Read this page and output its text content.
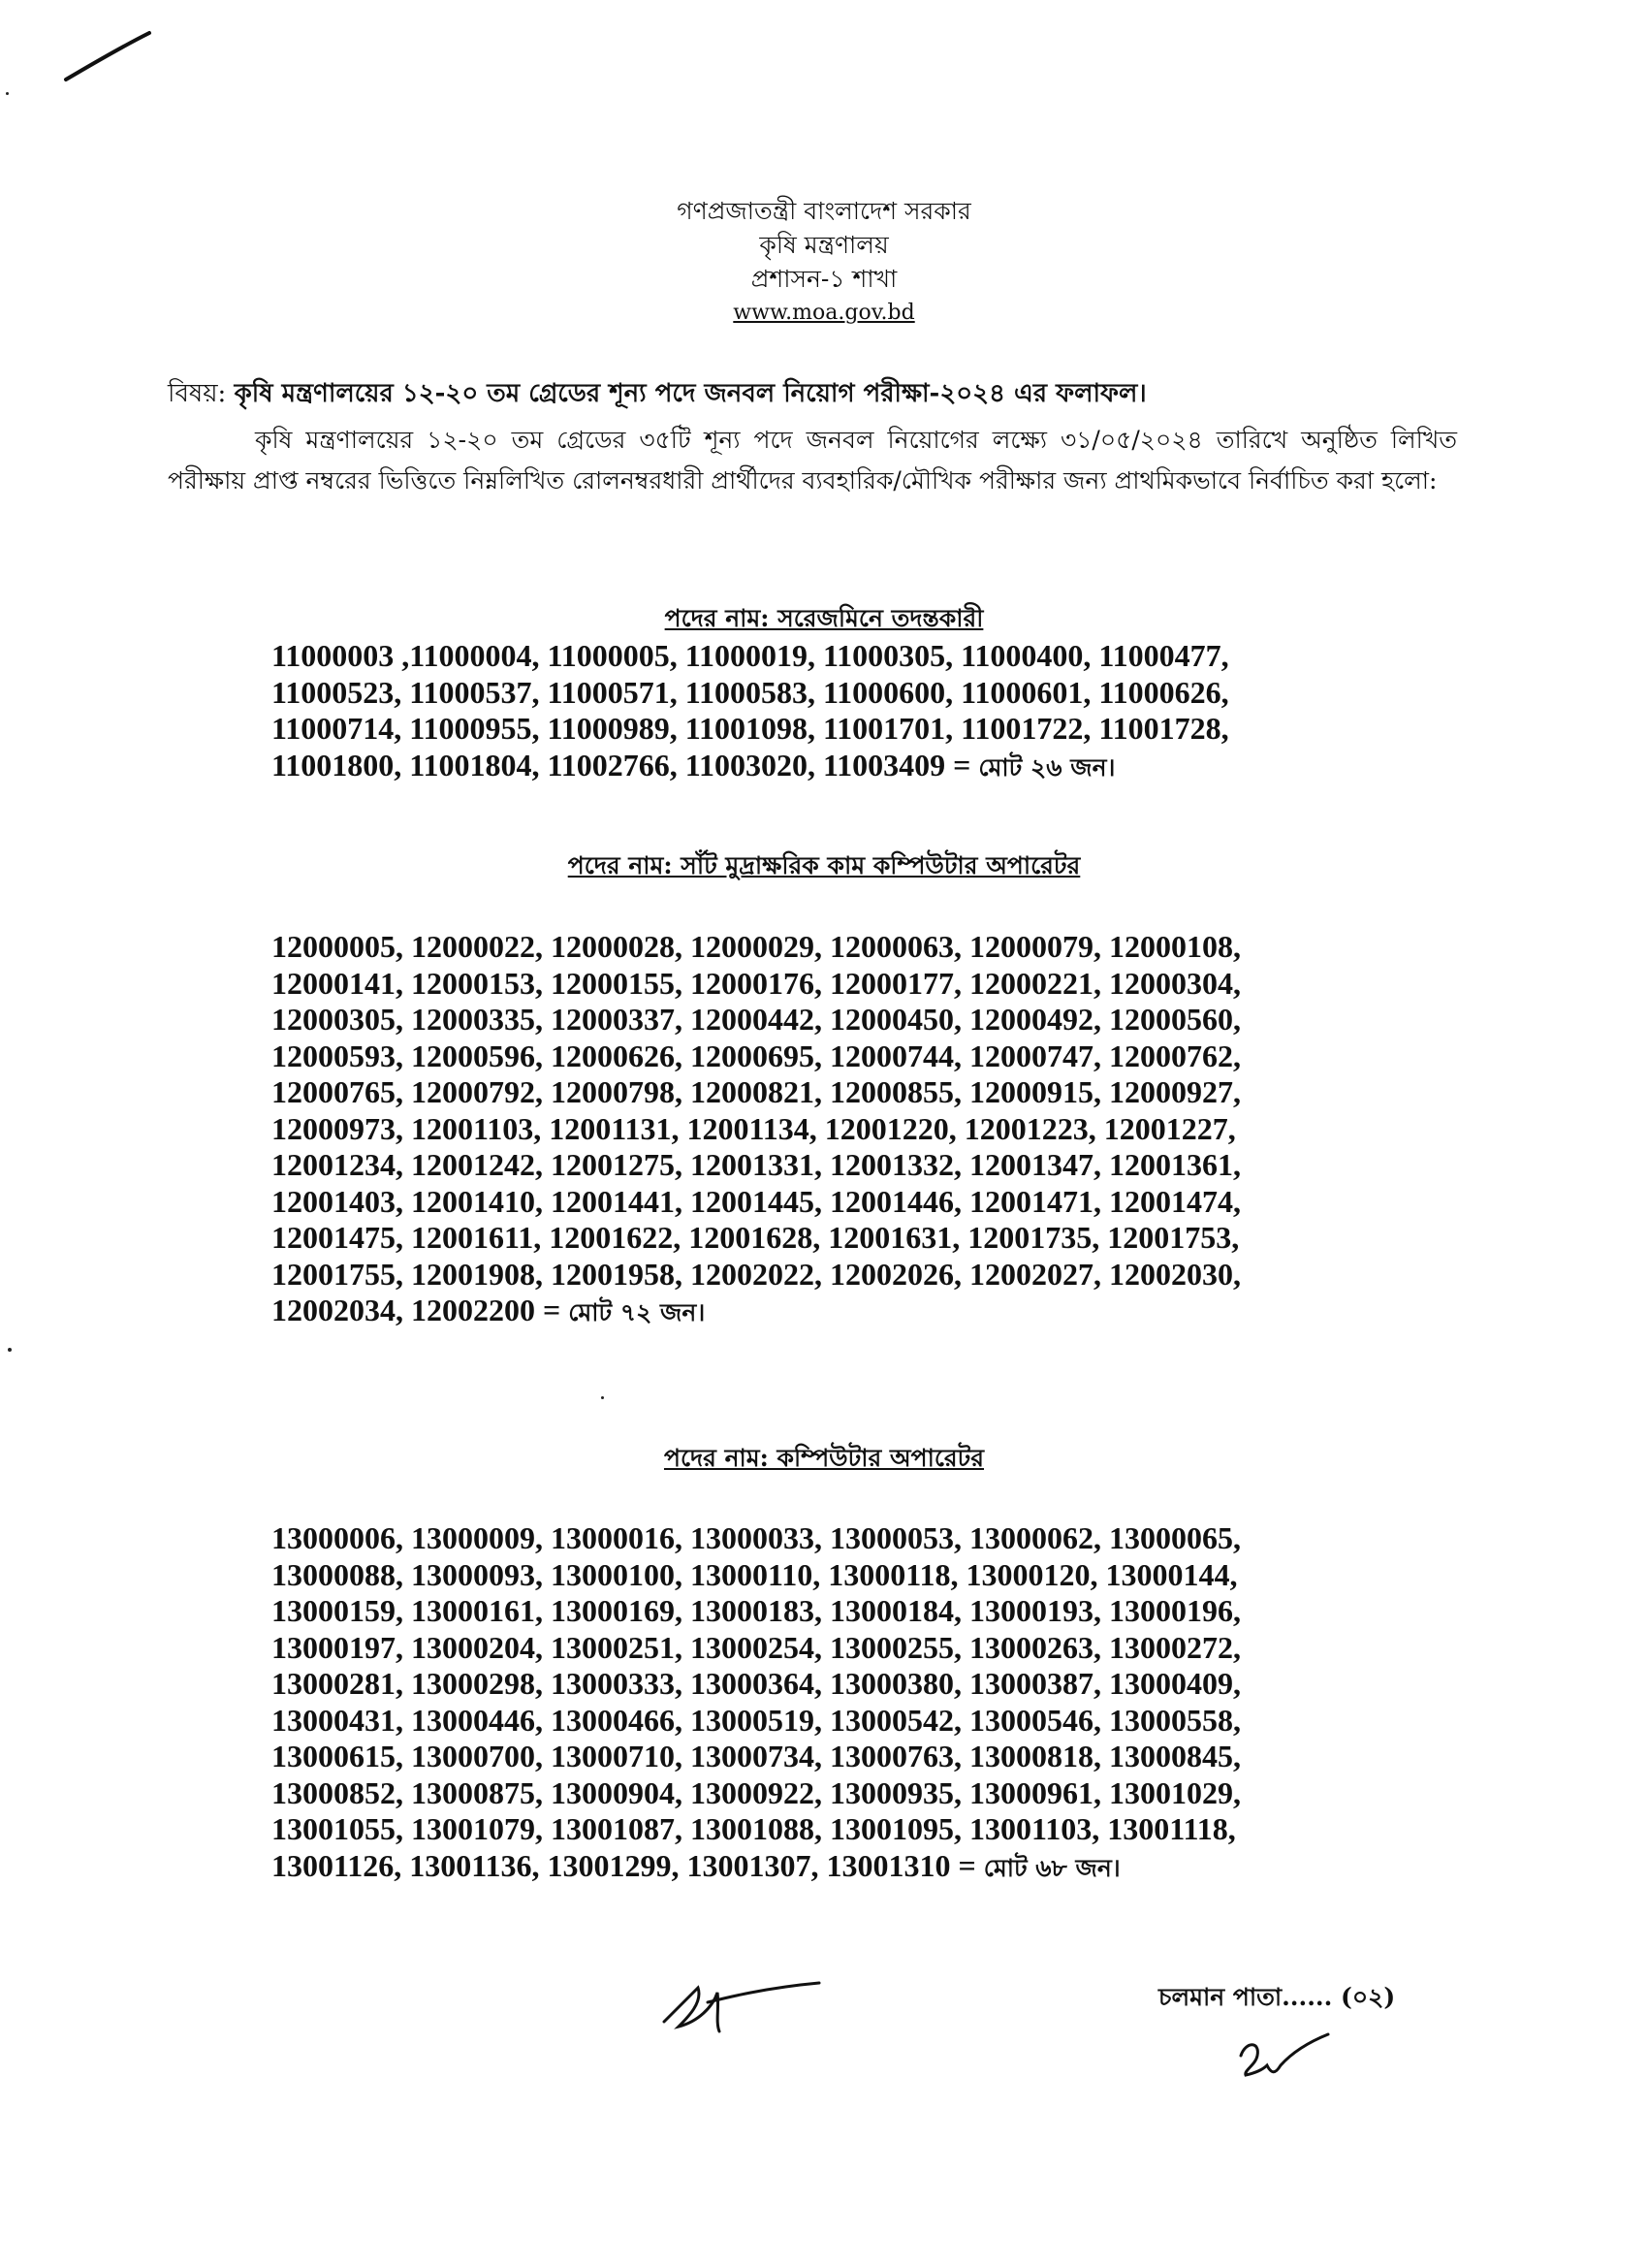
গণপ্রজাতন্ত্রী বাংলাদেশ সরকার
কৃষি মন্ত্রণালয়
প্রশাসন-১ শাখা
www.moa.gov.bd
বিষয়: কৃষি মন্ত্রণালয়ের ১২-২০ তম গ্রেডের শূন্য পদে জনবল নিয়োগ পরীক্ষা-২০২৪ এর ফলাফল।
কৃষি মন্ত্রণালয়ের ১২-২০ তম গ্রেডের ৩৫টি শূন্য পদে জনবল নিয়োগের লক্ষ্যে ৩১/০৫/২০২৪ তারিখে অনুষ্ঠিত লিখিত পরীক্ষায় প্রাপ্ত নম্বরের ভিত্তিতে নিম্নলিখিত রোলনম্বরধারী প্রার্থীদের ব্যবহারিক/মৌখিক পরীক্ষার জন্য প্রাথমিকভাবে নির্বাচিত করা হলো:
পদের নাম: সরেজমিনে তদন্তকারী
11000003 ,11000004, 11000005, 11000019, 11000305, 11000400, 11000477,
11000523, 11000537, 11000571, 11000583, 11000600, 11000601, 11000626,
11000714, 11000955, 11000989, 11001098, 11001701, 11001722, 11001728,
11001800, 11001804, 11002766, 11003020, 11003409 = মোট ২৬ জন।
পদের নাম: সাঁট মুদ্রাক্ষরিক কাম কম্পিউটার অপারেটর
12000005, 12000022, 12000028, 12000029, 12000063, 12000079, 12000108,
12000141, 12000153, 12000155, 12000176, 12000177, 12000221, 12000304,
12000305, 12000335, 12000337, 12000442, 12000450, 12000492, 12000560,
12000593, 12000596, 12000626, 12000695, 12000744, 12000747, 12000762,
12000765, 12000792, 12000798, 12000821, 12000855, 12000915, 12000927,
12000973, 12001103, 12001131, 12001134, 12001220, 12001223, 12001227,
12001234, 12001242, 12001275, 12001331, 12001332, 12001347, 12001361,
12001403, 12001410, 12001441, 12001445, 12001446, 12001471, 12001474,
12001475, 12001611, 12001622, 12001628, 12001631, 12001735, 12001753,
12001755, 12001908, 12001958, 12002022, 12002026, 12002027, 12002030,
12002034, 12002200 = মোট ৭২ জন।
পদের নাম: কম্পিউটার অপারেটর
13000006, 13000009, 13000016, 13000033, 13000053, 13000062, 13000065,
13000088, 13000093, 13000100, 13000110, 13000118, 13000120, 13000144,
13000159, 13000161, 13000169, 13000183, 13000184, 13000193, 13000196,
13000197, 13000204, 13000251, 13000254, 13000255, 13000263, 13000272,
13000281, 13000298, 13000333, 13000364, 13000380, 13000387, 13000409,
13000431, 13000446, 13000466, 13000519, 13000542, 13000546, 13000558,
13000615, 13000700, 13000710, 13000734, 13000763, 13000818, 13000845,
13000852, 13000875, 13000904, 13000922, 13000935, 13000961, 13001029,
13001055, 13001079, 13001087, 13001088, 13001095, 13001103, 13001118,
13001126, 13001136, 13001299, 13001307, 13001310 = মোট ৬৮ জন।
চলমান পাতা...... (০২)
